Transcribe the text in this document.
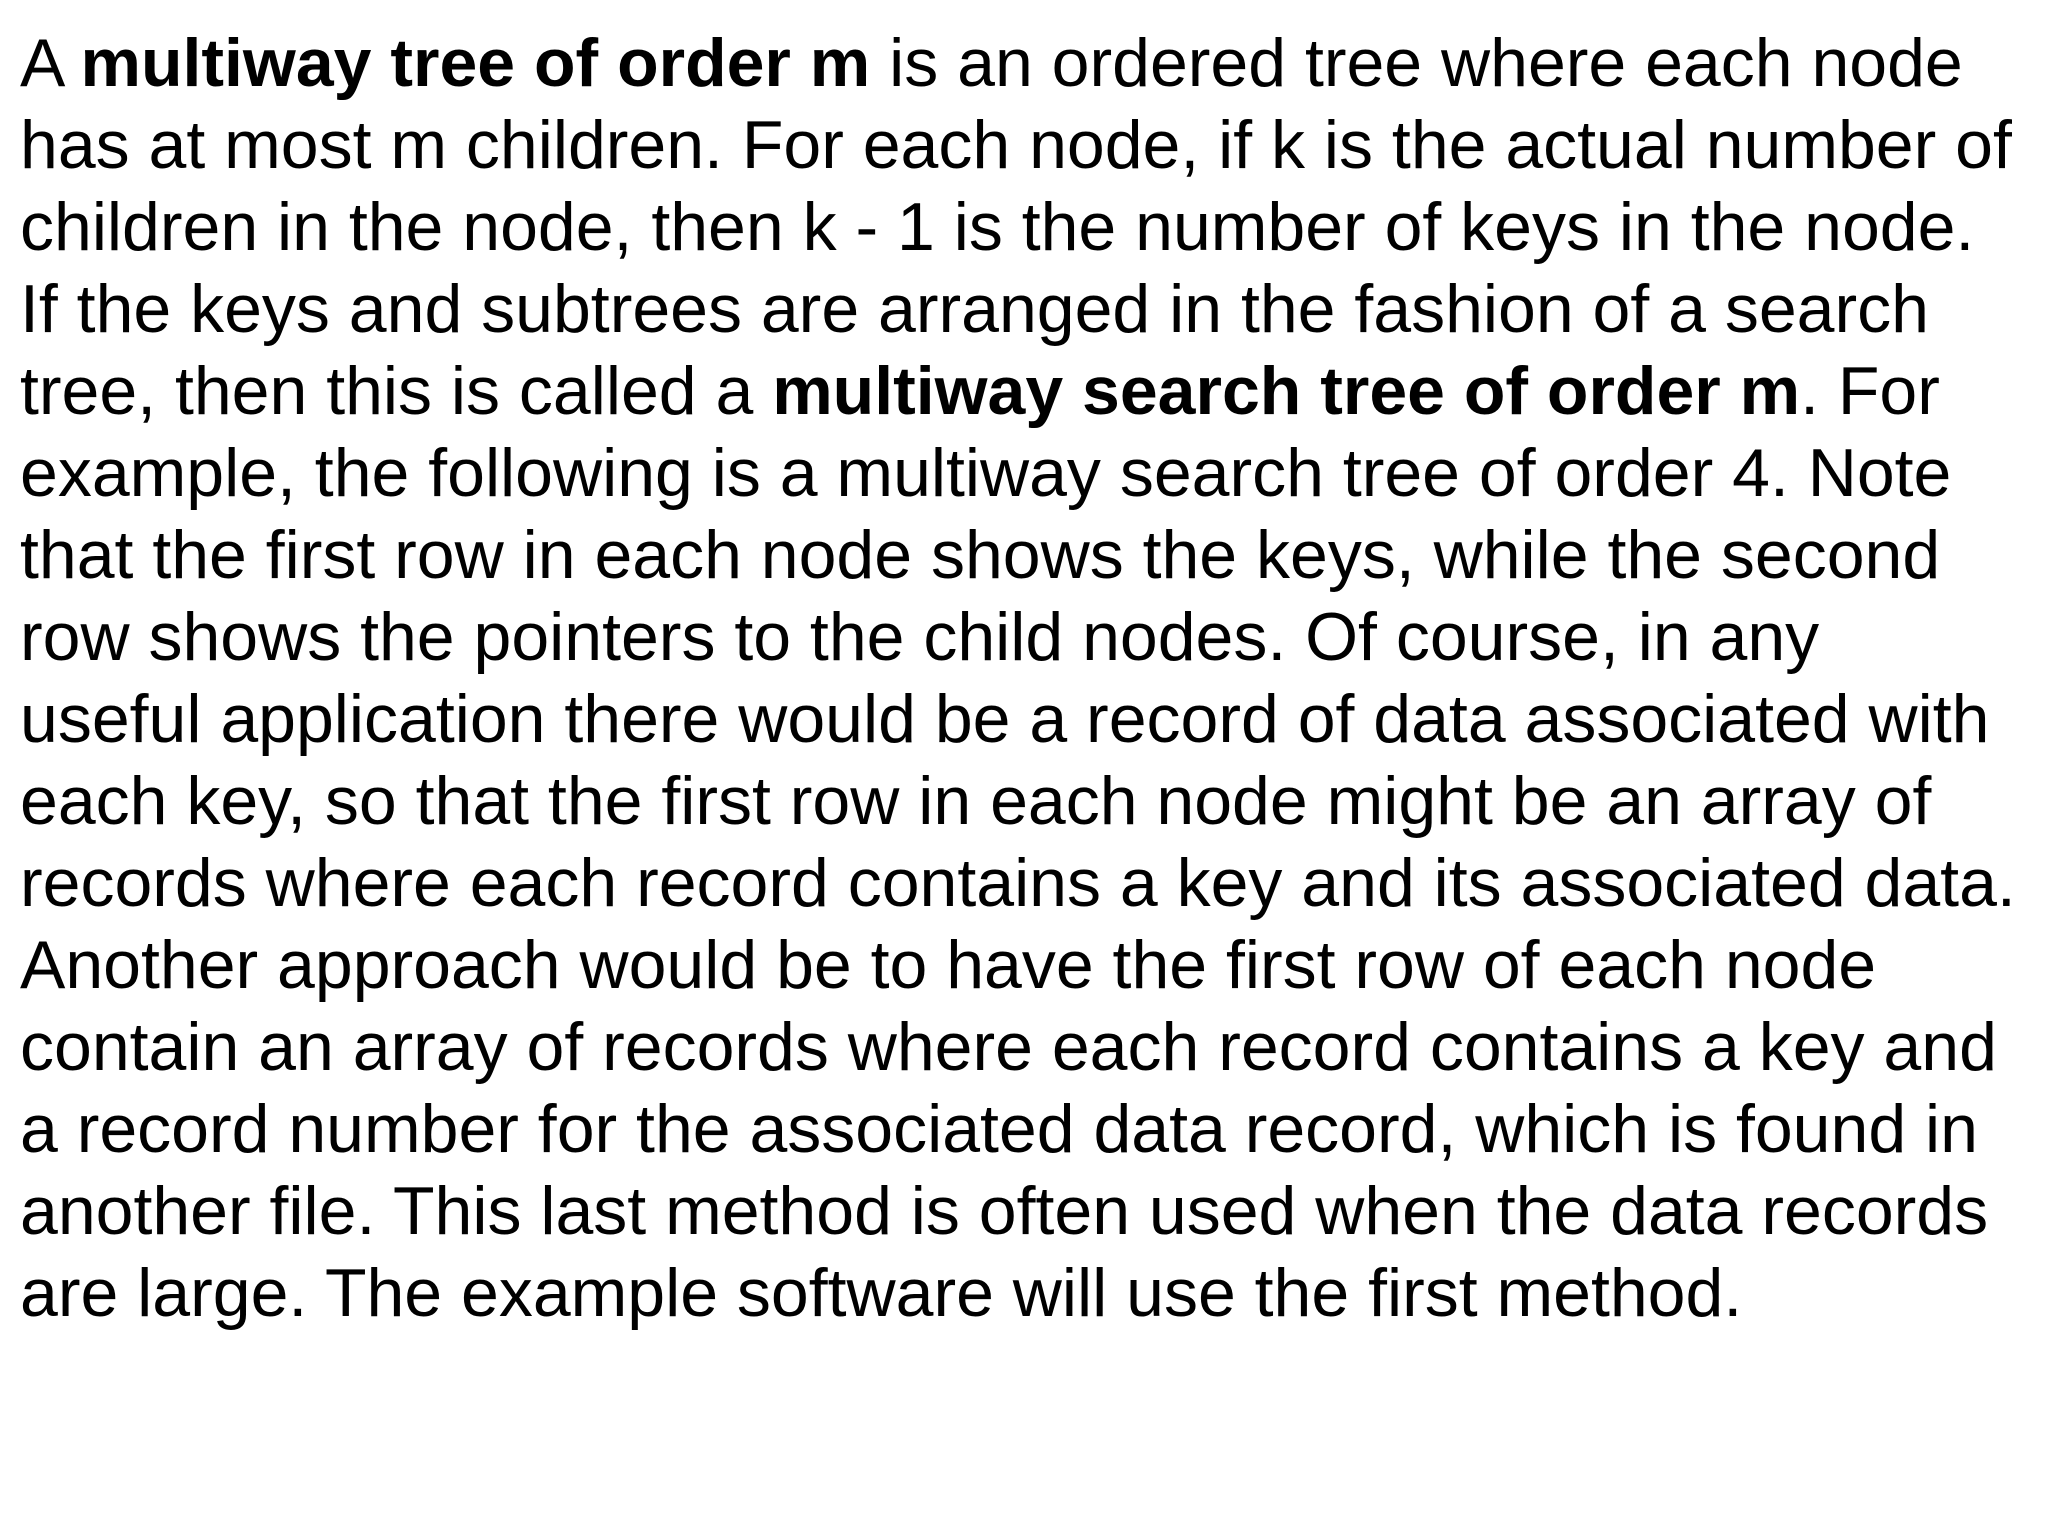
A multiway tree of order m is an ordered tree where each node
has at most m children. For each node, if k is the actual number of
children in the node, then k - 1 is the number of keys in the node.
If the keys and subtrees are arranged in the fashion of a search
tree, then this is called a multiway search tree of order m. For
example, the following is a multiway search tree of order 4. Note
that the first row in each node shows the keys, while the second
row shows the pointers to the child nodes. Of course, in any
useful application there would be a record of data associated with
each key, so that the first row in each node might be an array of
records where each record contains a key and its associated data.
Another approach would be to have the first row of each node
contain an array of records where each record contains a key and
a record number for the associated data record, which is found in
another file. This last method is often used when the data records
are large. The example software will use the first method.
